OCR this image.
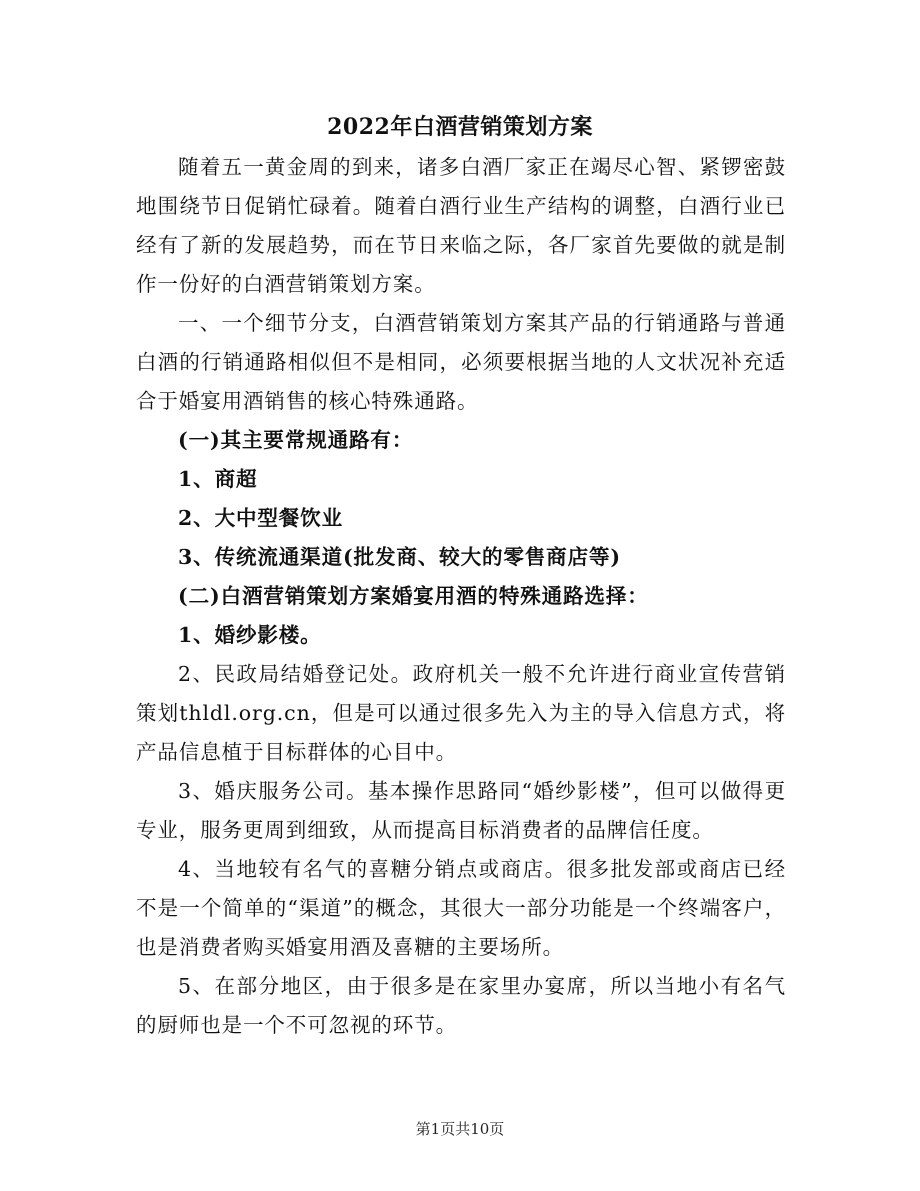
2022年白酒营销策划方案

随着五一黄金周的到来，诸多白酒厂家正在竭尽心智、紧锣密鼓地围绕节日促销忙碌着。随着白酒行业生产结构的调整，白酒行业已经有了新的发展趋势，而在节日来临之际，各厂家首先要做的就是制作一份好的白酒营销策划方案。

一、一个细节分支，白酒营销策划方案其产品的行销通路与普通白酒的行销通路相似但不是相同，必须要根据当地的人文状况补充适合于婚宴用酒销售的核心特殊通路。

(一)其主要常规通路有：

1、商超

2、大中型餐饮业

3、传统流通渠道(批发商、较大的零售商店等)

(二)白酒营销策划方案婚宴用酒的特殊通路选择：

1、婚纱影楼。

2、民政局结婚登记处。政府机关一般不允许进行商业宣传营销策划thldl.org.cn，但是可以通过很多先入为主的导入信息方式，将产品信息植于目标群体的心目中。

3、婚庆服务公司。基本操作思路同“婚纱影楼”，但可以做得更专业，服务更周到细致，从而提高目标消费者的品牌信任度。

4、当地较有名气的喜糖分销点或商店。很多批发部或商店已经不是一个简单的“渠道”的概念，其很大一部分功能是一个终端客户，也是消费者购买婚宴用酒及喜糖的主要场所。

5、在部分地区，由于很多是在家里办宴席，所以当地小有名气的厨师也是一个不可忽视的环节。

第1页共10页
